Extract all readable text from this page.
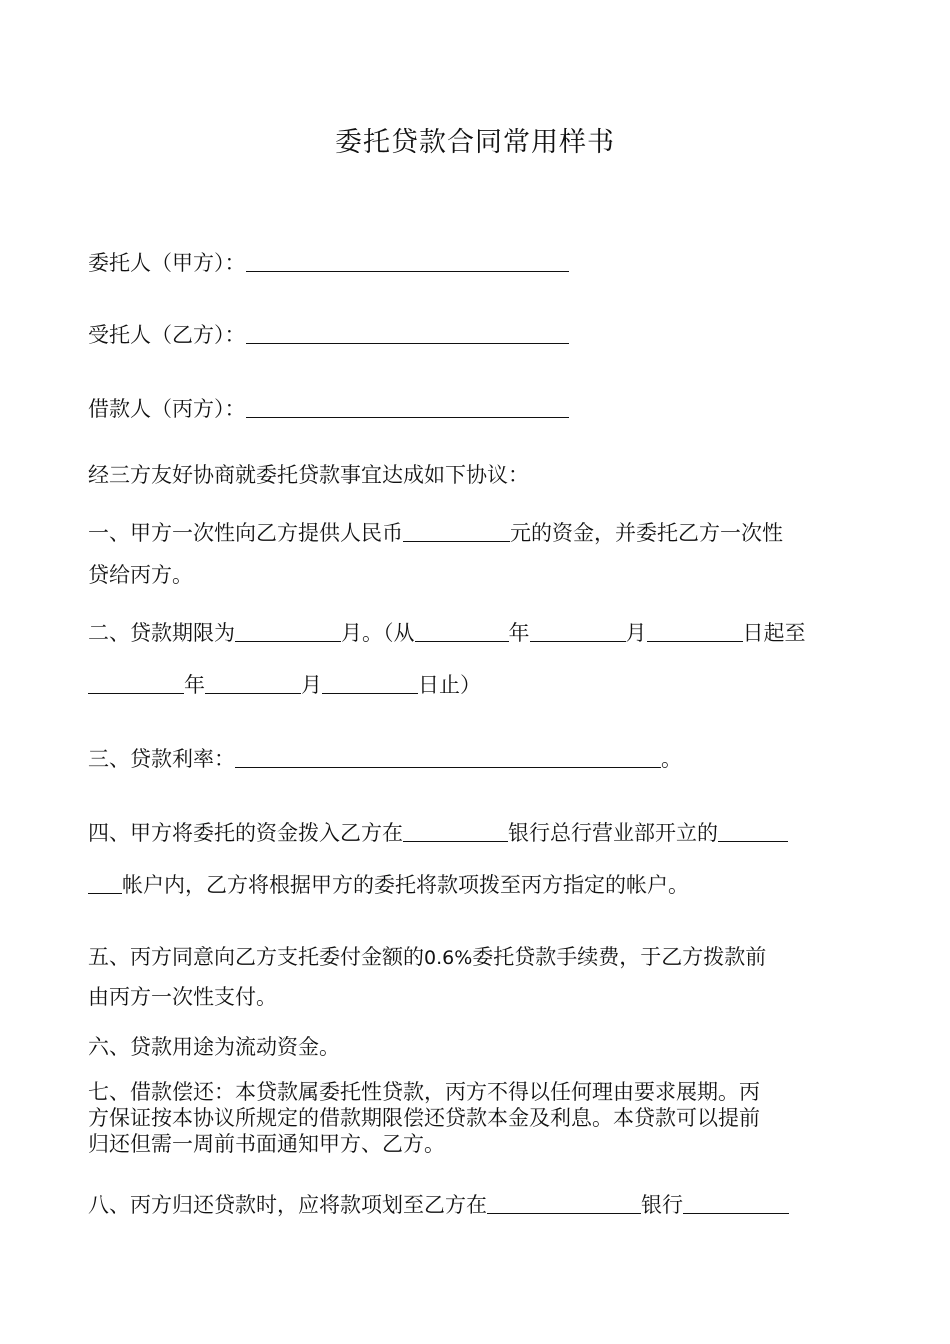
委托贷款合同常用样书
委托人（甲方）：
受托人（乙方）：
借款人（丙方）：
经三方友好协商就委托贷款事宜达成如下协议：
一、甲方一次性向乙方提供人民币	元的资金，并委托乙方一次性
贷给丙方。
二、贷款期限为	月。（从	年	月	日起至
年	月	日止）
三、贷款利率：	。
四、甲方将委托的资金拨入乙方在	银行总行营业部开立的
帐户内，乙方将根据甲方的委托将款项拨至丙方指定的帐户。
五、丙方同意向乙方支托委付金额的0.6%委托贷款手续费，于乙方拨款前
由丙方一次性支付。
六、贷款用途为流动资金。
七、借款偿还：本贷款属委托性贷款，丙方不得以任何理由要求展期。丙
方保证按本协议所规定的借款期限偿还贷款本金及利息。本贷款可以提前
归还但需一周前书面通知甲方、乙方。
八、丙方归还贷款时，应将款项划至乙方在	银行
